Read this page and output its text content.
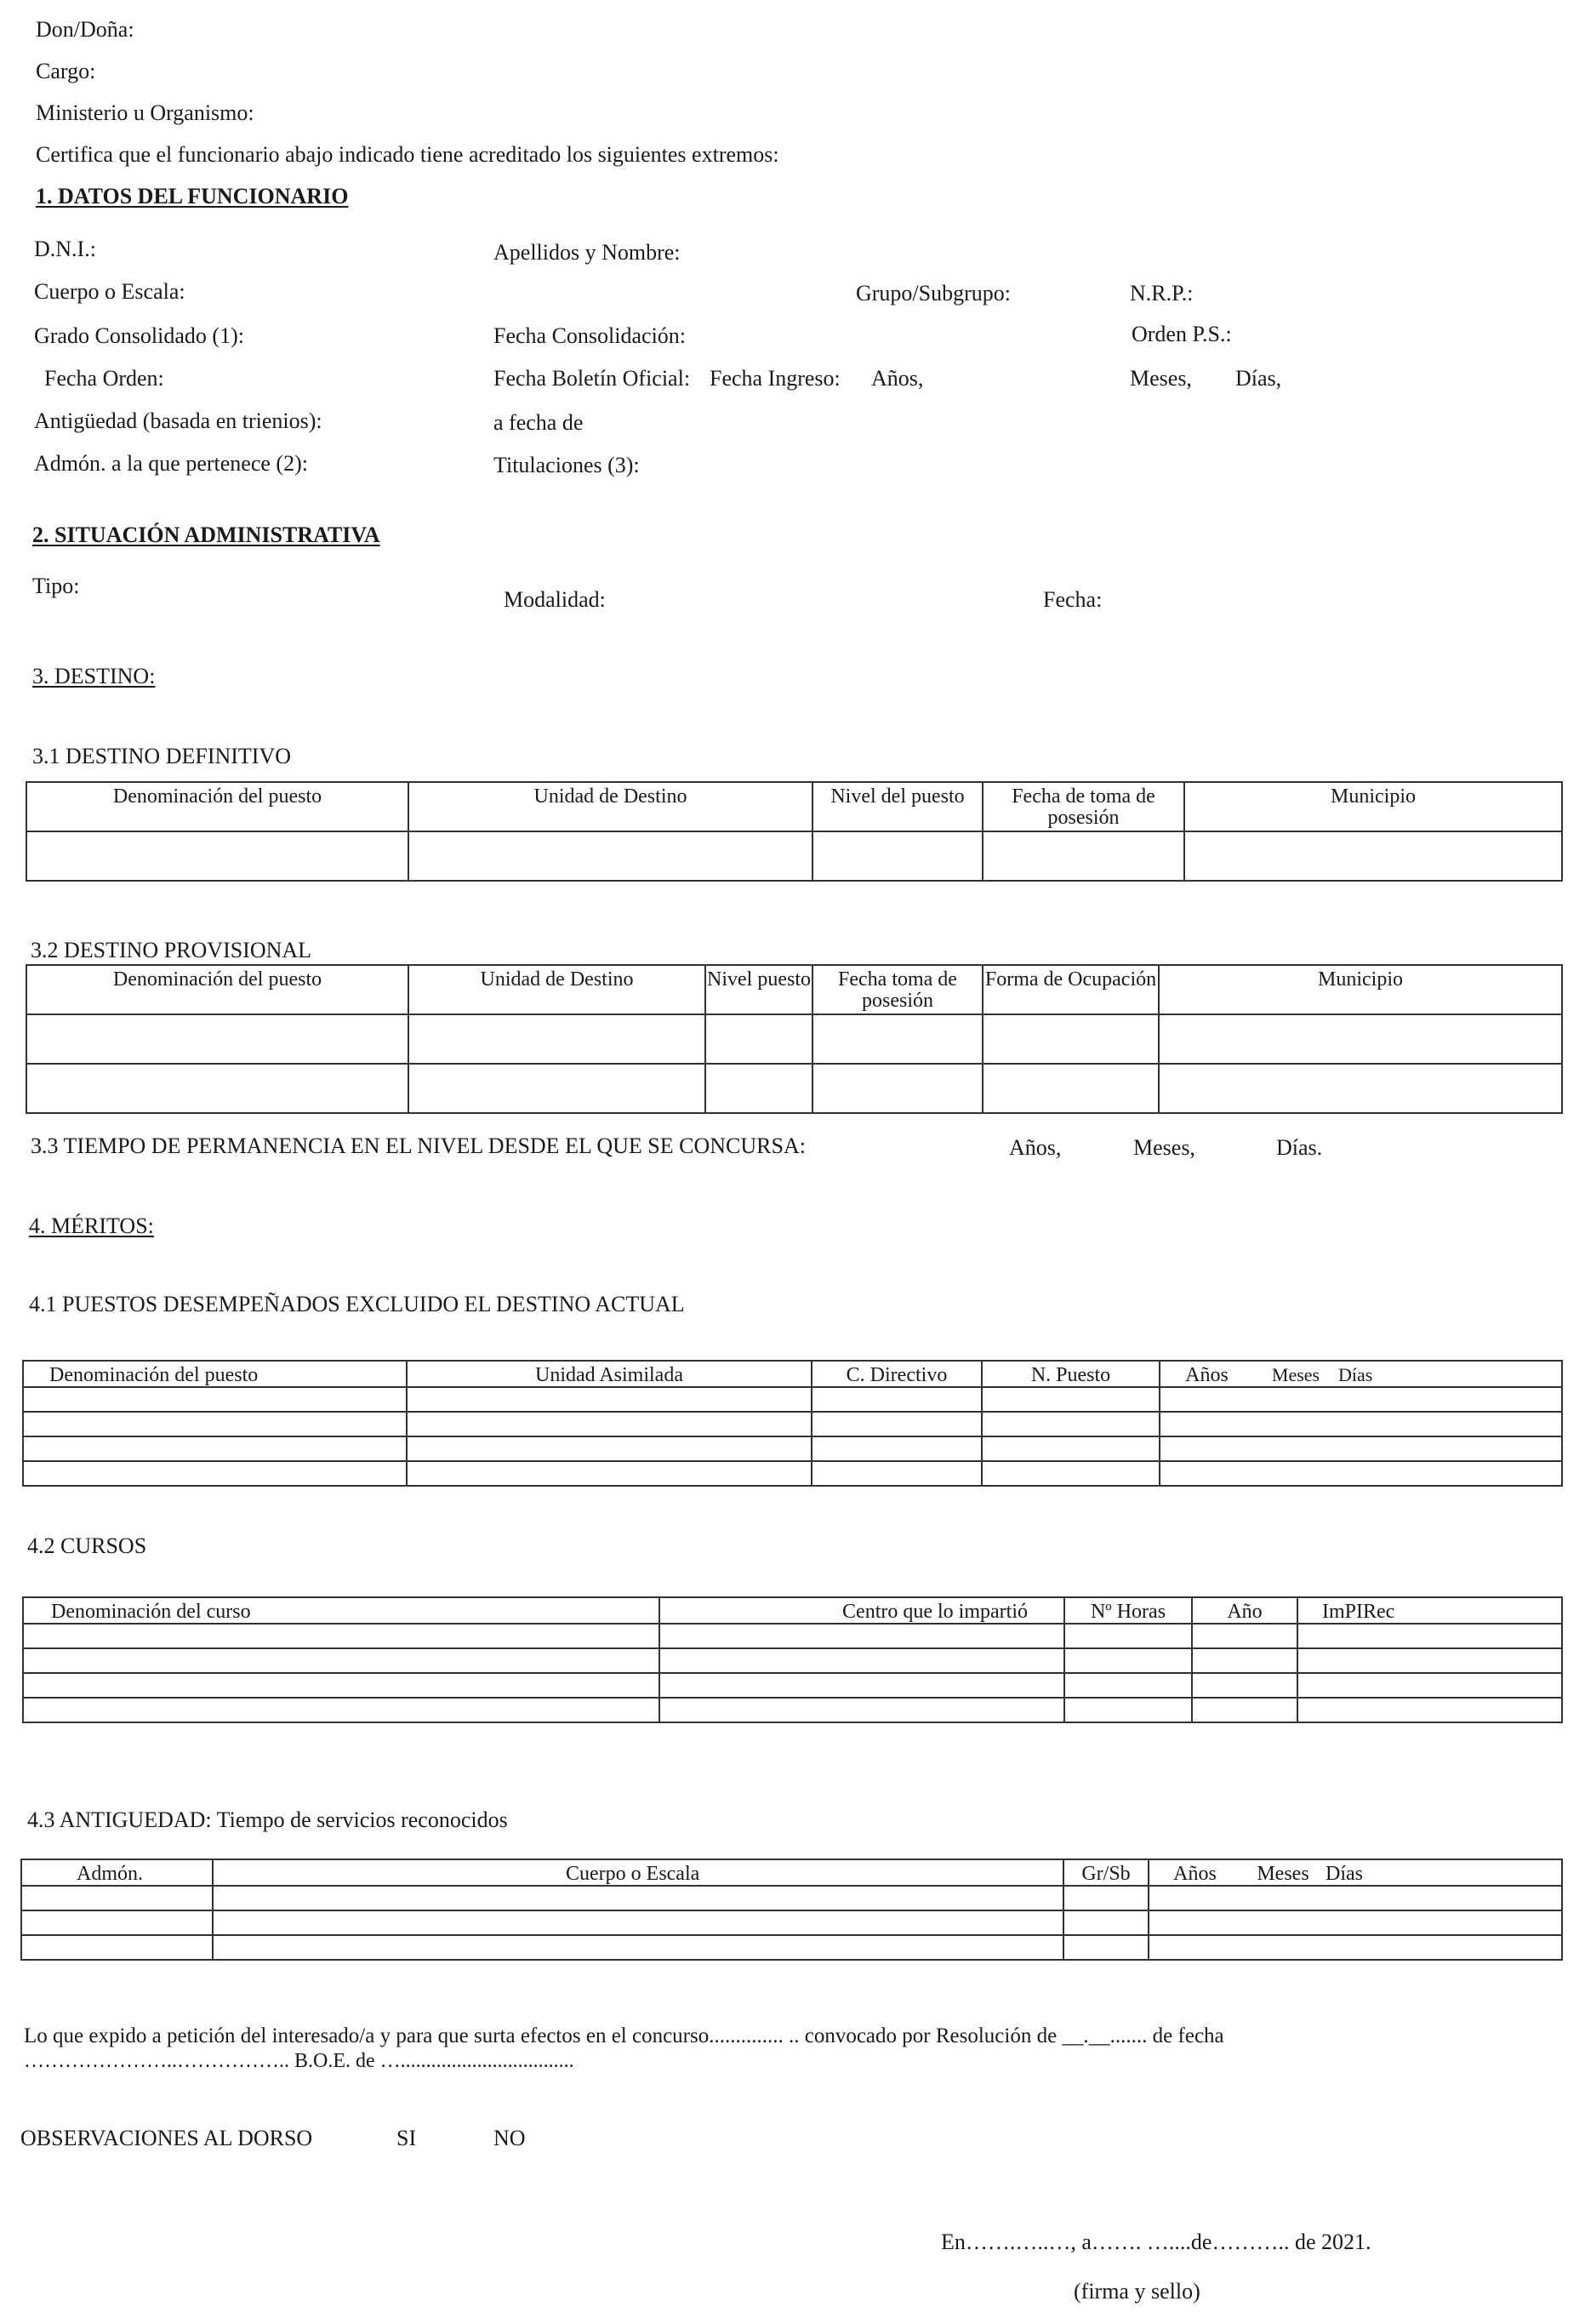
Don/Doña:
Cargo:
Ministerio u Organismo:
Certifica que el funcionario abajo indicado tiene acreditado los siguientes extremos:
1. DATOS DEL FUNCIONARIO
D.N.I.:	Apellidos y Nombre:
Cuerpo o Escala:	Grupo/Subgrupo:	N.R.P.:
Grado Consolidado (1):	Fecha Consolidación:	Orden P.S.:
Fecha Orden:	Fecha Boletín Oficial: Fecha Ingreso: Años,	Meses, Días,
Antigüedad (basada en trienios):	a fecha de
Admón. a la que pertenece (2):	Titulaciones (3):
2. SITUACIÓN ADMINISTRATIVA
Tipo:
Modalidad:	Fecha:
3. DESTINO:
3.1 DESTINO DEFINITIVO
Denominación del puesto	Unidad de Destino	Nivel del puesto	Fecha de toma de posesión	Municipio

3.2 DESTINO PROVISIONAL
Denominación del puesto	Unidad de Destino	Nivel puesto	Fecha toma de posesión	Forma de Ocupación	Municipio

3.3 TIEMPO DE PERMANENCIA EN EL NIVEL DESDE EL QUE SE CONCURSA:	Años,	Meses,	Días.
4. MÉRITOS:
4.1 PUESTOS DESEMPEÑADOS EXCLUIDO EL DESTINO ACTUAL
Denominación del puesto	Unidad Asimilada	C. Directivo	N. Puesto	Años	Meses	Días

4.2 CURSOS
Denominación del curso	Centro que lo impartió	Nº Horas	Año	ImPIRec

4.3 ANTIGUEDAD: Tiempo de servicios reconocidos
Admón.	Cuerpo o Escala	Gr/Sb	Años	Meses	Días

Lo que expido a petición del interesado/a y para que surta efectos en el concurso.............. .. convocado por Resolución de __.__....... de fecha
…………………..…………….. B.O.E. de …..................................
OBSERVACIONES AL DORSO	SI	NO
En…….…..…, a……. …....de……….. de 2021.
(firma y sello)
